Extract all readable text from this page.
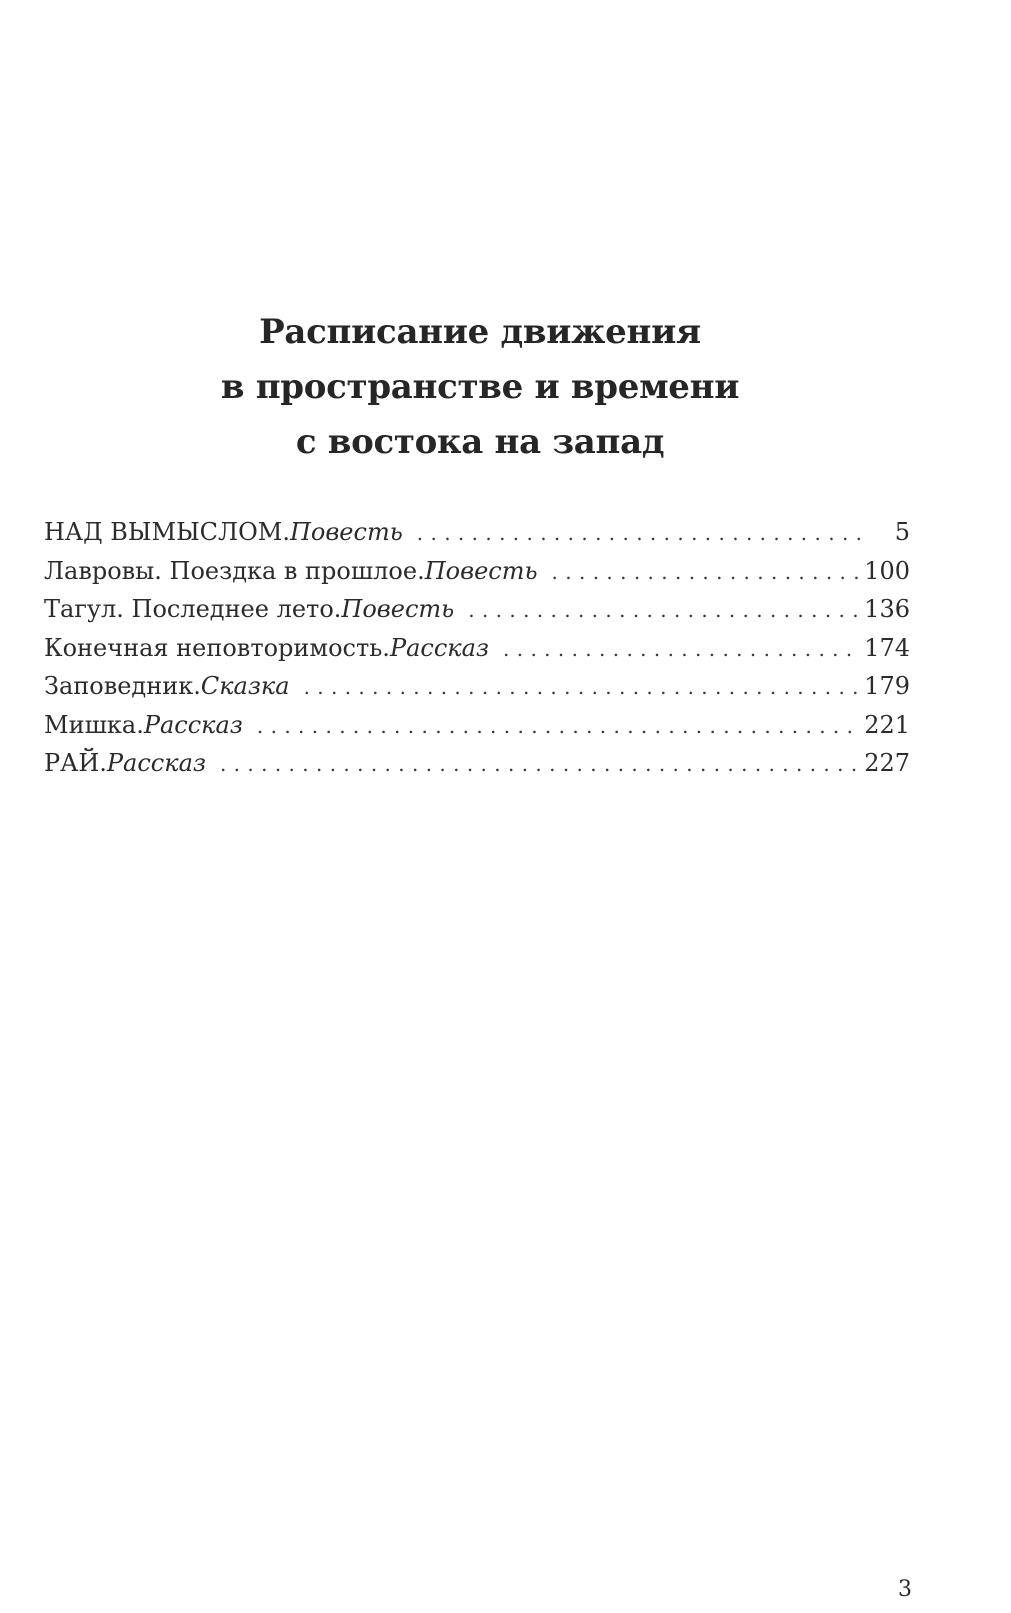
Расписание движения
в пространстве и времени
с востока на запад
НАД ВЫМЫСЛОМ. Повесть . . .	5
Лавровы. Поездка в прошлое. Повесть . . .	100
Тагул. Последнее лето. Повесть . . .	136
Конечная неповторимость. Рассказ . . .	174
Заповедник. Сказка . . .	179
Мишка. Рассказ . . .	221
РАЙ. Рассказ . . .	227
3
